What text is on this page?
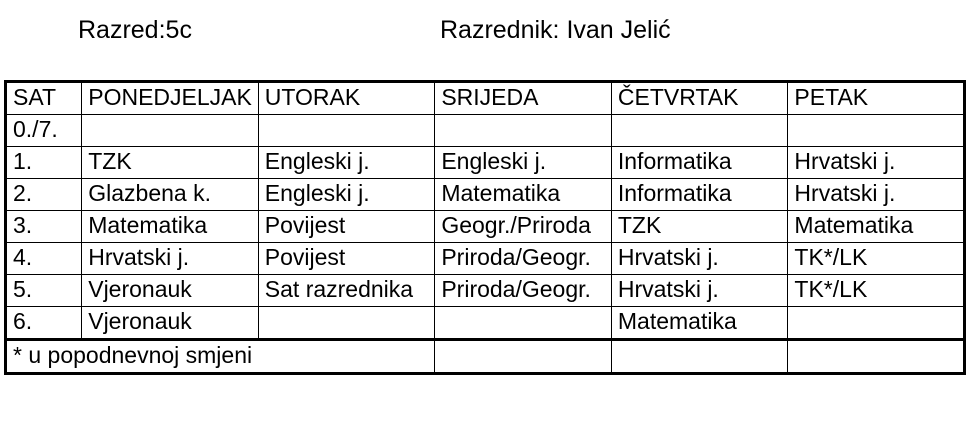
Razred:5c	Razrednik: Ivan Jelić
SAT	PONEDJELJAK	UTORAK	SRIJEDA	ČETVRTAK	PETAK
0./7.					
1.	TZK	Engleski j.	Engleski j.	Informatika	Hrvatski j.
2.	Glazbena k.	Engleski j.	Matematika	Informatika	Hrvatski j.
3.	Matematika	Povijest	Geogr./Priroda	TZK	Matematika
4.	Hrvatski j.	Povijest	Priroda/Geogr.	Hrvatski j.	TK*/LK
5.	Vjeronauk	Sat razrednika	Priroda/Geogr.	Hrvatski j.	TK*/LK
6.	Vjeronauk			Matematika	
* u popodnevnoj smjeni					
